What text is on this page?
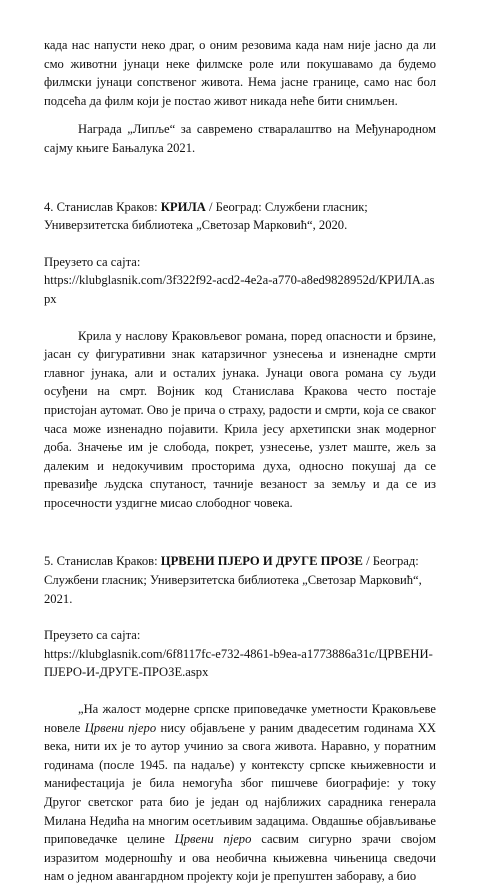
када нас напусти неко драг, о оним резовима када нам није јасно да ли смо животни јунаци неке филмске роле или покушавамо да будемо филмски јунаци сопственог живота. Нема јасне границе, само нас бол подсећа да филм који је постао живот никада неће бити снимљен.

Награда „Липље“ за савремено стваралаштво на Међународном сајму књиге Бањалука 2021.

4. Станислав Краков: КРИЛА / Београд: Службени гласник; Универзитетска библиотека „Светозар Марковић“, 2020.

Преузето са сајта:

https://klubglasnik.com/3f322f92-acd2-4e2a-a770-a8ed9828952d/КРИЛА.aspx

Крила у наслову Краковљевог романа, поред опасности и брзине, јасан су фигуративни знак катарзичног узнесења и изненадне смрти главног јунака, али и осталих јунака. Јунаци овога романа су људи осуђени на смрт. Војник код Станислава Кракова често постаје пристојан аутомат. Ово је прича о страху, радости и смрти, која се сваког часа може изненадно појавити. Крила јесу архетипски знак модерног доба. Значење им је слобода, покрет, узнесење, узлет маште, жељ за далеким и недокучивим просторима духа, односно покушај да се превазиђе људска спутаност, тачније везаност за земљу и да се из просечности уздигне мисао слободног човека.

5. Станислав Краков: ЦРВЕНИ ПЈЕРО И ДРУГЕ ПРОЗЕ / Београд: Службени гласник; Универзитетска библиотека „Светозар Марковић“, 2021.

Преузето са сајта:

https://klubglasnik.com/6f8117fc-e732-4861-b9ea-a1773886a31c/ЦРВЕНИ-ПЈЕРО-И-ДРУГЕ-ПРОЗЕ.aspx

„На жалост модерне српске приповедачке уметности Краковљеве новеле Црвени пјеро нису објављене у раним двадесетим годинама XX века, нити их је то аутор учинио за свога живота. Наравно, у поратним годинама (после 1945. па надаље) у контексту српске књижевности и манифестација је била немогућа због пишчеве биографије: у току Другог светског рата био је један од најближих сарадника генерала Милана Недића на многим осетљивим задацима. Овдашње објављивање приповедачке целине Црвени пјеро сасвим сигурно зрачи својом изразитом модерношћу и ова необична књижевна чињеница сведочи нам о једном авангардном пројекту који је препуштен забораву, а био
